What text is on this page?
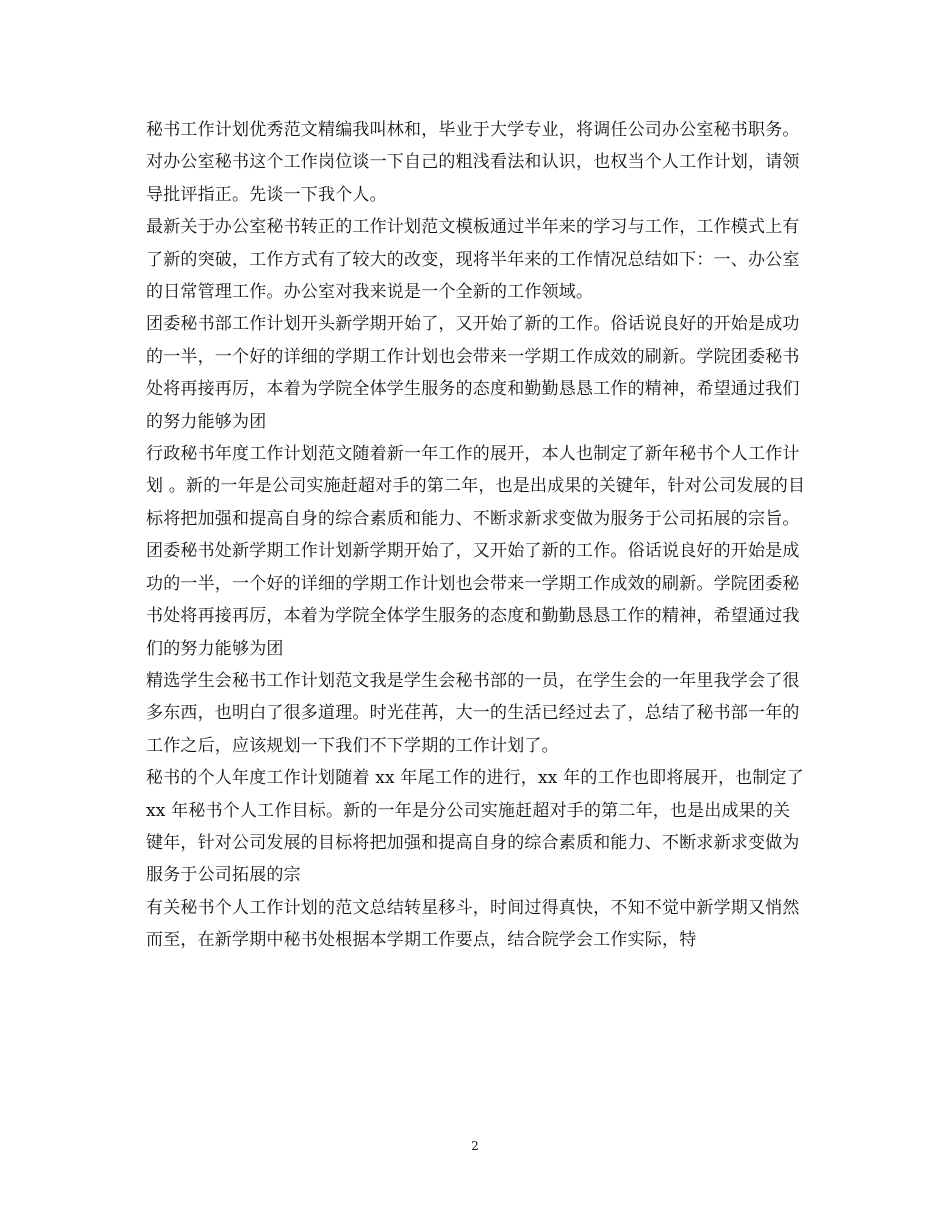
秘书工作计划优秀范文精编我叫林和，毕业于大学专业，将调任公司办公室秘书职务。对办公室秘书这个工作岗位谈一下自己的粗浅看法和认识，也权当个人工作计划，请领导批评指正。先谈一下我个人。

最新关于办公室秘书转正的工作计划范文模板通过半年来的学习与工作，工作模式上有了新的突破，工作方式有了较大的改变，现将半年来的工作情况总结如下：一、办公室的日常管理工作。办公室对我来说是一个全新的工作领域。

团委秘书部工作计划开头新学期开始了，又开始了新的工作。俗话说良好的开始是成功的一半，一个好的详细的学期工作计划也会带来一学期工作成效的刷新。学院团委秘书处将再接再厉，本着为学院全体学生服务的态度和勤勤恳恳工作的精神，希望通过我们的努力能够为团

行政秘书年度工作计划范文随着新一年工作的展开，本人也制定了新年秘书个人工作计划 。新的一年是公司实施赶超对手的第二年，也是出成果的关键年，针对公司发展的目标将把加强和提高自身的综合素质和能力、不断求新求变做为服务于公司拓展的宗旨。

团委秘书处新学期工作计划新学期开始了，又开始了新的工作。俗话说良好的开始是成功的一半，一个好的详细的学期工作计划也会带来一学期工作成效的刷新。学院团委秘书处将再接再厉，本着为学院全体学生服务的态度和勤勤恳恳工作的精神，希望通过我们的努力能够为团

精选学生会秘书工作计划范文我是学生会秘书部的一员，在学生会的一年里我学会了很多东西，也明白了很多道理。时光荏苒，大一的生活已经过去了，总结了秘书部一年的工作之后，应该规划一下我们不下学期的工作计划了。

秘书的个人年度工作计划随着 xx 年尾工作的进行，xx 年的工作也即将展开，也制定了 xx 年秘书个人工作目标。新的一年是分公司实施赶超对手的第二年，也是出成果的关键年，针对公司发展的目标将把加强和提高自身的综合素质和能力、不断求新求变做为服务于公司拓展的宗

有关秘书个人工作计划的范文总结转星移斗，时间过得真快，不知不觉中新学期又悄然而至，在新学期中秘书处根据本学期工作要点，结合院学会工作实际，特

2
